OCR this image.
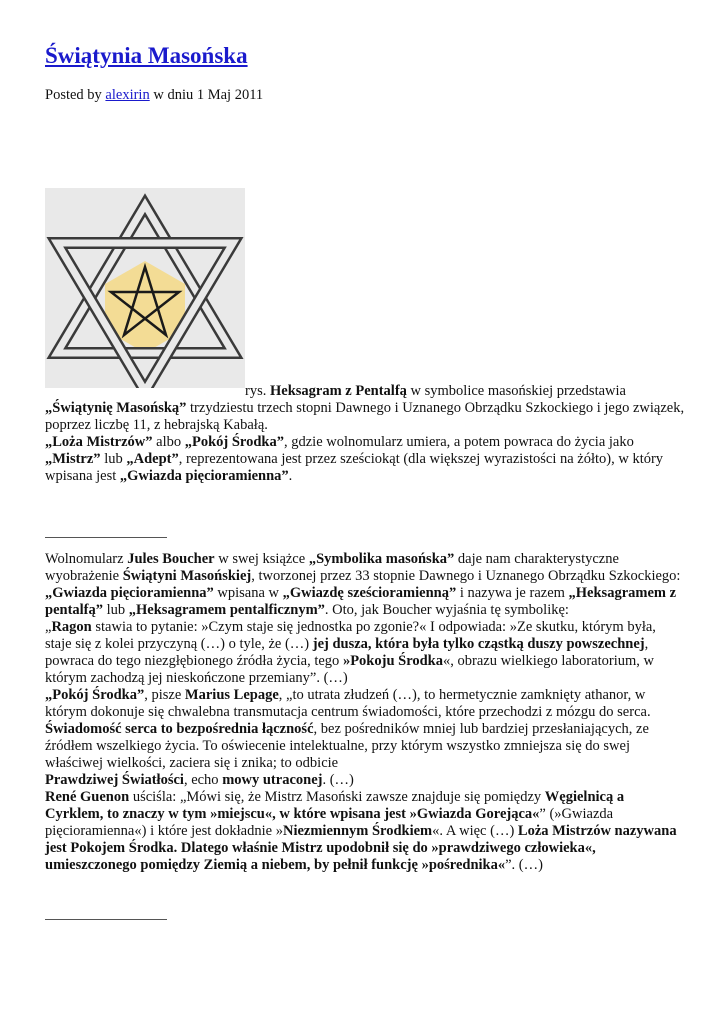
Świątynia Masońska
Posted by alexirin w dniu 1 Maj 2011
rys. Heksagram z Pentalfą w symbolice masońskiej przedstawia
„Świątynię Masońską” trzydziestu trzech stopni Dawnego i Uznanego Obrządku Szkockiego i jego związek,
poprzez liczbę 11, z hebrajską Kabałą.
„Loża Mistrzów” albo „Pokój Środka”, gdzie wolnomularz umiera, a potem powraca do życia jako „Mistrz” lub „Adept”, reprezentowana jest przez sześciokąt (dla większej wyrazistości na żółto), w który wpisana jest „Gwiazda pięcioramienna”.
Wolnomularz Jules Boucher w swej książce „Symbolika masońska” daje nam charakterystyczne wyobrażenie Świątyni Masońskiej, tworzonej przez 33 stopnie Dawnego i Uznanego Obrządku Szkockiego: „Gwiazda pięcioramienna” wpisana w „Gwiazdę sześcioramienną” i nazywa je razem „Heksagramem z pentalfą” lub „Heksagramem pentalficznym”. Oto, jak Boucher wyjaśnia tę symbolikę:
„Ragon stawia to pytanie: »Czym staje się jednostka po zgonie?« I odpowiada: »Ze skutku, którym była, staje się z kolei przyczyną (…) o tyle, że (…) jej dusza, która była tylko cząstką duszy powszechnej, powraca do tego niezgłębionego źródła życia, tego »Pokoju Środka«, obrazu wielkiego laboratorium, w którym zachodzą jej nieskończone przemiany”. (…)
„Pokój Środka”, pisze Marius Lepage, „to utrata złudzeń (…), to hermetycznie zamknięty athanor, w którym dokonuje się chwalebna transmutacja centrum świadomości, które przechodzi z mózgu do serca. Świadomość serca to bezpośrednia łączność, bez pośredników mniej lub bardziej przesłaniających, ze źródłem wszelkiego życia. To oświecenie intelektualne, przy którym wszystko zmniejsza się do swej właściwej wielkości, zaciera się i znika; to odbicie
Prawdziwej Światłości, echo mowy utraconej. (…)
René Guenon uściśla: „Mówi się, że Mistrz Masoński zawsze znajduje się pomiędzy Węgielnicą a Cyrklem, to znaczy w tym »miejscu«, w które wpisana jest »Gwiazda Gorejąca«” (»Gwiazda pięcioramienna«) i które jest dokładnie »Niezmiennym Środkiem«. A więc (…) Loża Mistrzów nazywana jest Pokojem Środka. Dlatego właśnie Mistrz upodobnił się do »prawdziwego człowieka«, umieszczonego pomiędzy Ziemią a niebem, by pełnił funkcję »pośrednika«”. (…)
